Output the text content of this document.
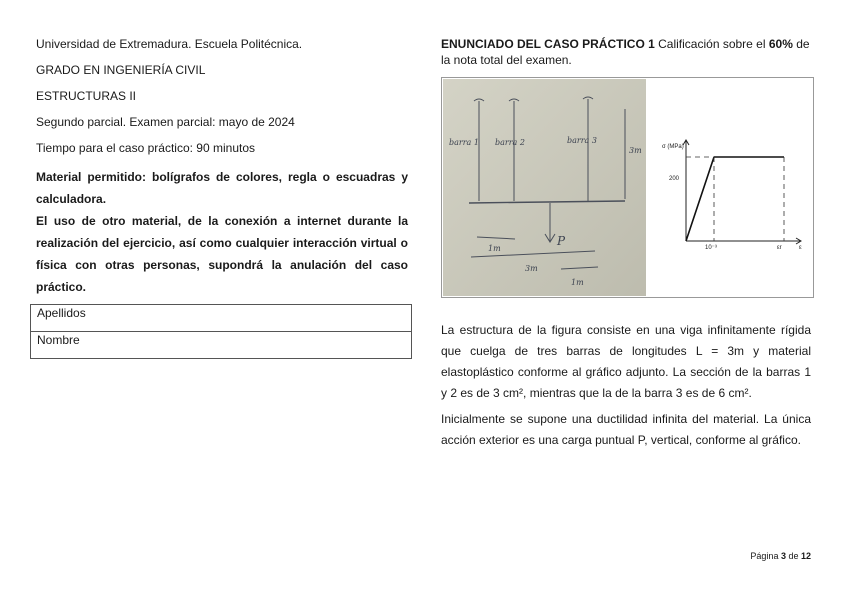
Universidad de Extremadura. Escuela Politécnica.

GRADO EN INGENIERÍA CIVIL

ESTRUCTURAS II

Segundo parcial. Examen parcial: mayo de 2024

Tiempo para el caso práctico: 90 minutos

Material permitido: bolígrafos de colores, regla o escuadras y calculadora.

El uso de otro material, de la conexión a internet durante la realización del ejercicio, así como cualquier interacción virtual o física con otras personas, supondrá la anulación del caso práctico.

Apellidos
Nombre

ENUNCIADO DEL CASO PRÁCTICO 1 Calificación sobre el 60% de la nota total del examen.

barra 1 barra 2	barra 3
3m
P
1m
3m
1m
σ (MPa)
200
10⁻³	εr	ε

La estructura de la figura consiste en una viga infinitamente rígida que cuelga de tres barras de longitudes L = 3m y material elastoplástico conforme al gráfico adjunto. La sección de la barras 1 y 2 es de 3 cm², mientras que la de la barra 3 es de 6 cm².

Inicialmente se supone una ductilidad infinita del material. La única acción exterior es una carga puntual P, vertical, conforme al gráfico.

Página 3 de 12
